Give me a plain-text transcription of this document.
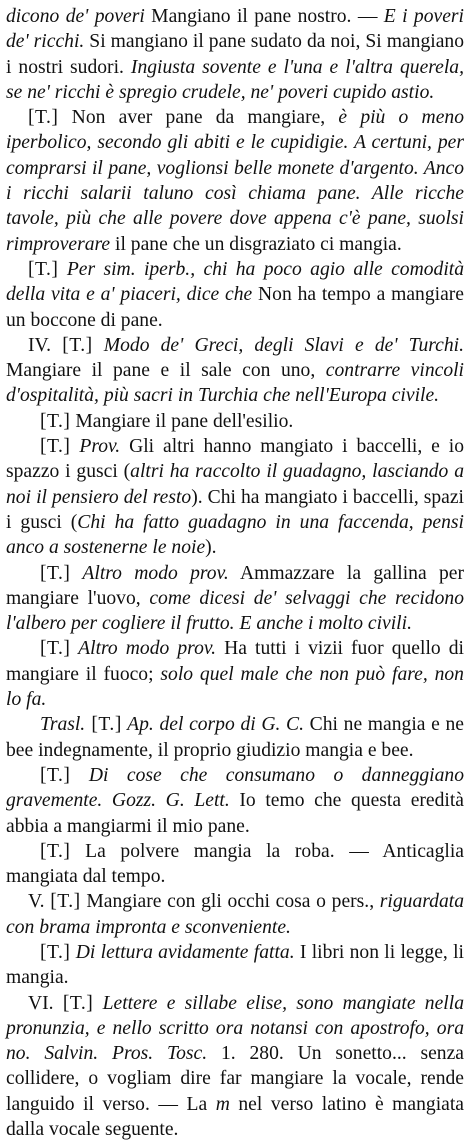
dicono de' poveri Mangiano il pane nostro. — E i poveri de' ricchi. Si mangiano il pane sudato da noi, Si mangiano i nostri sudori. Ingiusta sovente e l'una e l'altra querela, se ne' ricchi è spregio crudele, ne' poveri cupido astio.

[T.] Non aver pane da mangiare, è più o meno iperbolico, secondo gli abiti e le cupidigie. A certuni, per comprarsi il pane, voglionsi belle monete d'argento. Anco i ricchi salarii taluno così chiama pane. Alle ricche tavole, più che alle povere dove appena c'è pane, suolsi rimproverare il pane che un disgraziato ci mangia.

[T.] Per sim. iperb., chi ha poco agio alle comodità della vita e a' piaceri, dice che Non ha tempo a mangiare un boccone di pane.

IV. [T.] Modo de' Greci, degli Slavi e de' Turchi. Mangiare il pane e il sale con uno, contrarre vincoli d'ospitalità, più sacri in Turchia che nell'Europa civile.

[T.] Mangiare il pane dell'esilio.

[T.] Prov. Gli altri hanno mangiato i baccelli, e io spazzo i gusci (altri ha raccolto il guadagno, lasciando a noi il pensiero del resto). Chi ha mangiato i baccelli, spazi i gusci (Chi ha fatto guadagno in una faccenda, pensi anco a sostenerne le noie).

[T.] Altro modo prov. Ammazzare la gallina per mangiare l'uovo, come dicesi de' selvaggi che recidono l'albero per cogliere il frutto. E anche i molto civili.

[T.] Altro modo prov. Ha tutti i vizii fuor quello di mangiare il fuoco; solo quel male che non può fare, non lo fa.

Trasl. [T.] Ap. del corpo di G. C. Chi ne mangia e ne bee indegnamente, il proprio giudizio mangia e bee.

[T.] Di cose che consumano o danneggiano gravemente. Gozz. G. Lett. Io temo che questa eredità abbia a mangiarmi il mio pane.

[T.] La polvere mangia la roba. — Anticaglia mangiata dal tempo.

V. [T.] Mangiare con gli occhi cosa o pers., riguardata con brama impronta e sconveniente.

[T.] Di lettura avidamente fatta. I libri non li legge, li mangia.

VI. [T.] Lettere e sillabe elise, sono mangiate nella pronunzia, e nello scritto ora notansi con apostrofo, ora no. Salvin. Pros. Tosc. 1. 280. Un sonetto... senza collidere, o vogliam dire far mangiare la vocale, rende languido il verso. — La m nel verso latino è mangiata dalla vocale seguente.
